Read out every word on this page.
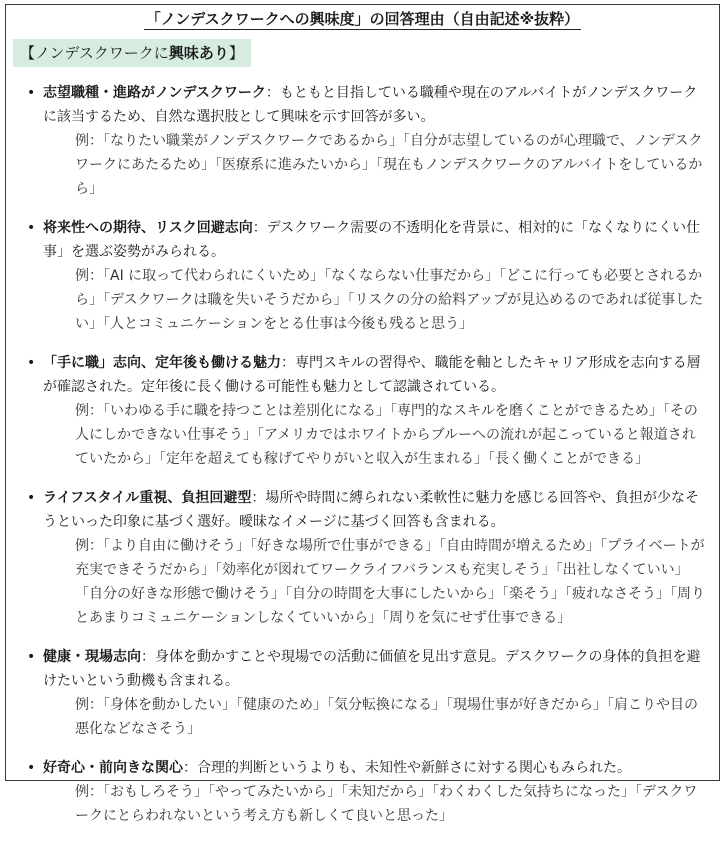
「ノンデスクワークへの興味度」の回答理由（自由記述※抜粋）
【ノンデスクワークに興味あり】
• 志望職種・進路がノンデスクワーク：もともと目指している職種や現在のアルバイトがノンデスクワークに該当するため、自然な選択肢として興味を示す回答が多い。

例：「なりたい職業がノンデスクワークであるから」「自分が志望しているのが心理職で、ノンデスクワークにあたるため」「医療系に進みたいから」「現在もノンデスクワークのアルバイトをしているから」

• 将来性への期待、リスク回避志向：デスクワーク需要の不透明化を背景に、相対的に「なくなりにくい仕事」を選ぶ姿勢がみられる。

例：「AI に取って代わられにくいため」「なくならない仕事だから」「どこに行っても必要とされるから」「デスクワークは職を失いそうだから」「リスクの分の給料アップが見込めるのであれば従事したい」「人とコミュニケーションをとる仕事は今後も残ると思う」

• 「手に職」志向、定年後も働ける魅力：専門スキルの習得や、職能を軸としたキャリア形成を志向する層が確認された。定年後に長く働ける可能性も魅力として認識されている。

例：「いわゆる手に職を持つことは差別化になる」「専門的なスキルを磨くことができるため」「その人にしかできない仕事そう」「アメリカではホワイトからブルーへの流れが起こっていると報道されていたから」「定年を超えても稼げてやりがいと収入が生まれる」「長く働くことができる」

• ライフスタイル重視、負担回避型：場所や時間に縛られない柔軟性に魅力を感じる回答や、負担が少なそうといった印象に基づく選好。曖昧なイメージに基づく回答も含まれる。

例：「より自由に働けそう」「好きな場所で仕事ができる」「自由時間が増えるため」「プライベートが充実できそうだから」「効率化が図れてワークライフバランスも充実しそう」「出社しなくていい」「自分の好きな形態で働けそう」「自分の時間を大事にしたいから」「楽そう」「疲れなさそう」「周りとあまりコミュニケーションしなくていいから」「周りを気にせず仕事できる」

• 健康・現場志向：身体を動かすことや現場での活動に価値を見出す意見。デスクワークの身体的負担を避けたいという動機も含まれる。

例：「身体を動かしたい」「健康のため」「気分転換になる」「現場仕事が好きだから」「肩こりや目の悪化などなさそう」

• 好奇心・前向きな関心：合理的判断というよりも、未知性や新鮮さに対する関心もみられた。

例：「おもしろそう」「やってみたいから」「未知だから」「わくわくした気持ちになった」「デスクワークにとらわれないという考え方も新しくて良いと思った」
